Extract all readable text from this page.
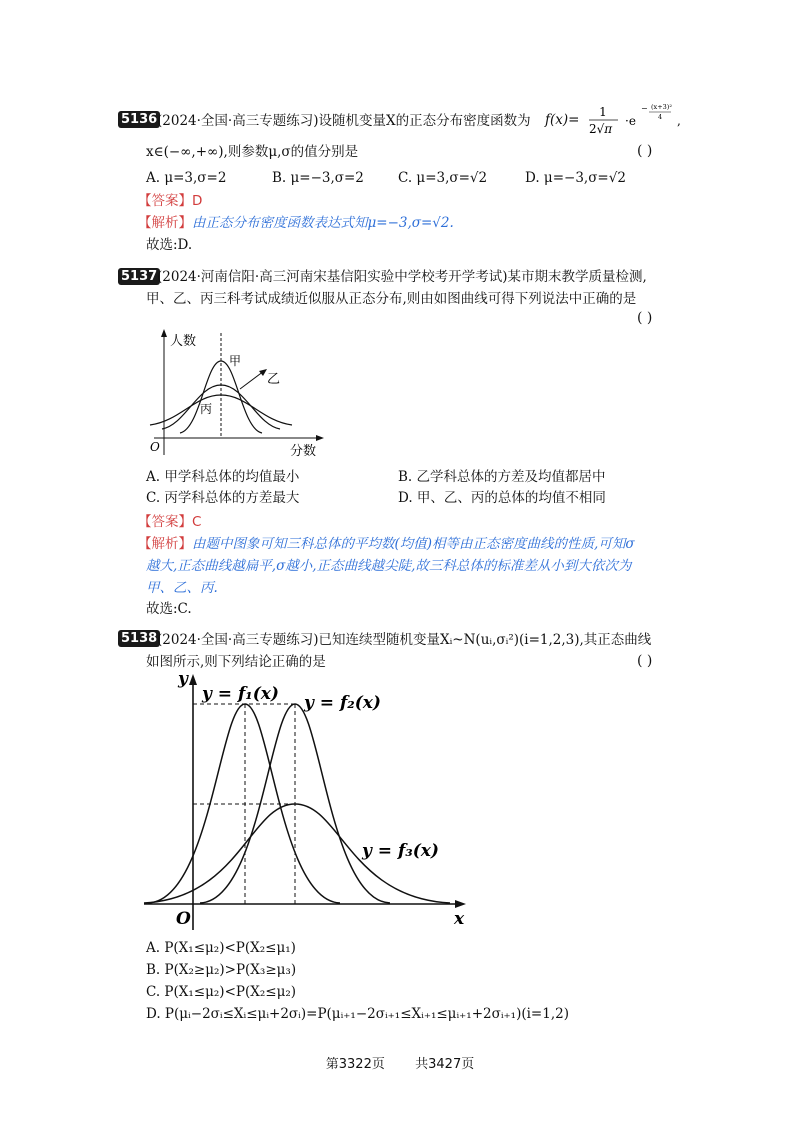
5136 (2024·全国·高三专题练习)设随机变量X的正态分布密度函数为 f(x)= 1
2√π
·e
− (x+3)²
4 ,
x∈(−∞,+∞),则参数μ,σ的值分别是	( )
A. μ=3,σ=2	B. μ=−3,σ=2	C. μ=3,σ=√2	D. μ=−3,σ=√2
【答案】D
【解析】由正态分布密度函数表达式知μ=−3,σ=√2.
故选:D.
5137 (2024·河南信阳·高三河南宋基信阳实验中学校考开学考试)某市期末教学质量检测,
甲、乙、丙三科考试成绩近似服从正态分布,则由如图曲线可得下列说法中正确的是
( )
人数
甲
乙
丙
O	分数
A. 甲学科总体的均值最小	B. 乙学科总体的方差及均值都居中
C. 丙学科总体的方差最大	D. 甲、乙、丙的总体的均值不相同
【答案】C
【解析】由题中图象可知三科总体的平均数(均值)相等由正态密度曲线的性质,可知σ
越大,正态曲线越扁平,σ越小,正态曲线越尖陡,故三科总体的标准差从小到大依次为
甲、乙、丙.
故选:C.
5138 (2024·全国·高三专题练习)已知连续型随机变量Xᵢ~N(uᵢ,σᵢ²)(i=1,2,3),其正态曲线
如图所示,则下列结论正确的是	( )
y
y = f₁(x) y = f₂(x)
y = f₃(x)
O	x
A. P(X₁≤μ₂)<P(X₂≤μ₁)
B. P(X₂≥μ₂)>P(X₃≥μ₃)
C. P(X₁≤μ₂)<P(X₂≤μ₂)
D. P(μᵢ−2σᵢ≤Xᵢ≤μᵢ+2σᵢ)=P(μᵢ₊₁−2σᵢ₊₁≤Xᵢ₊₁≤μᵢ₊₁+2σᵢ₊₁)(i=1,2)
第3322页 共3427页
